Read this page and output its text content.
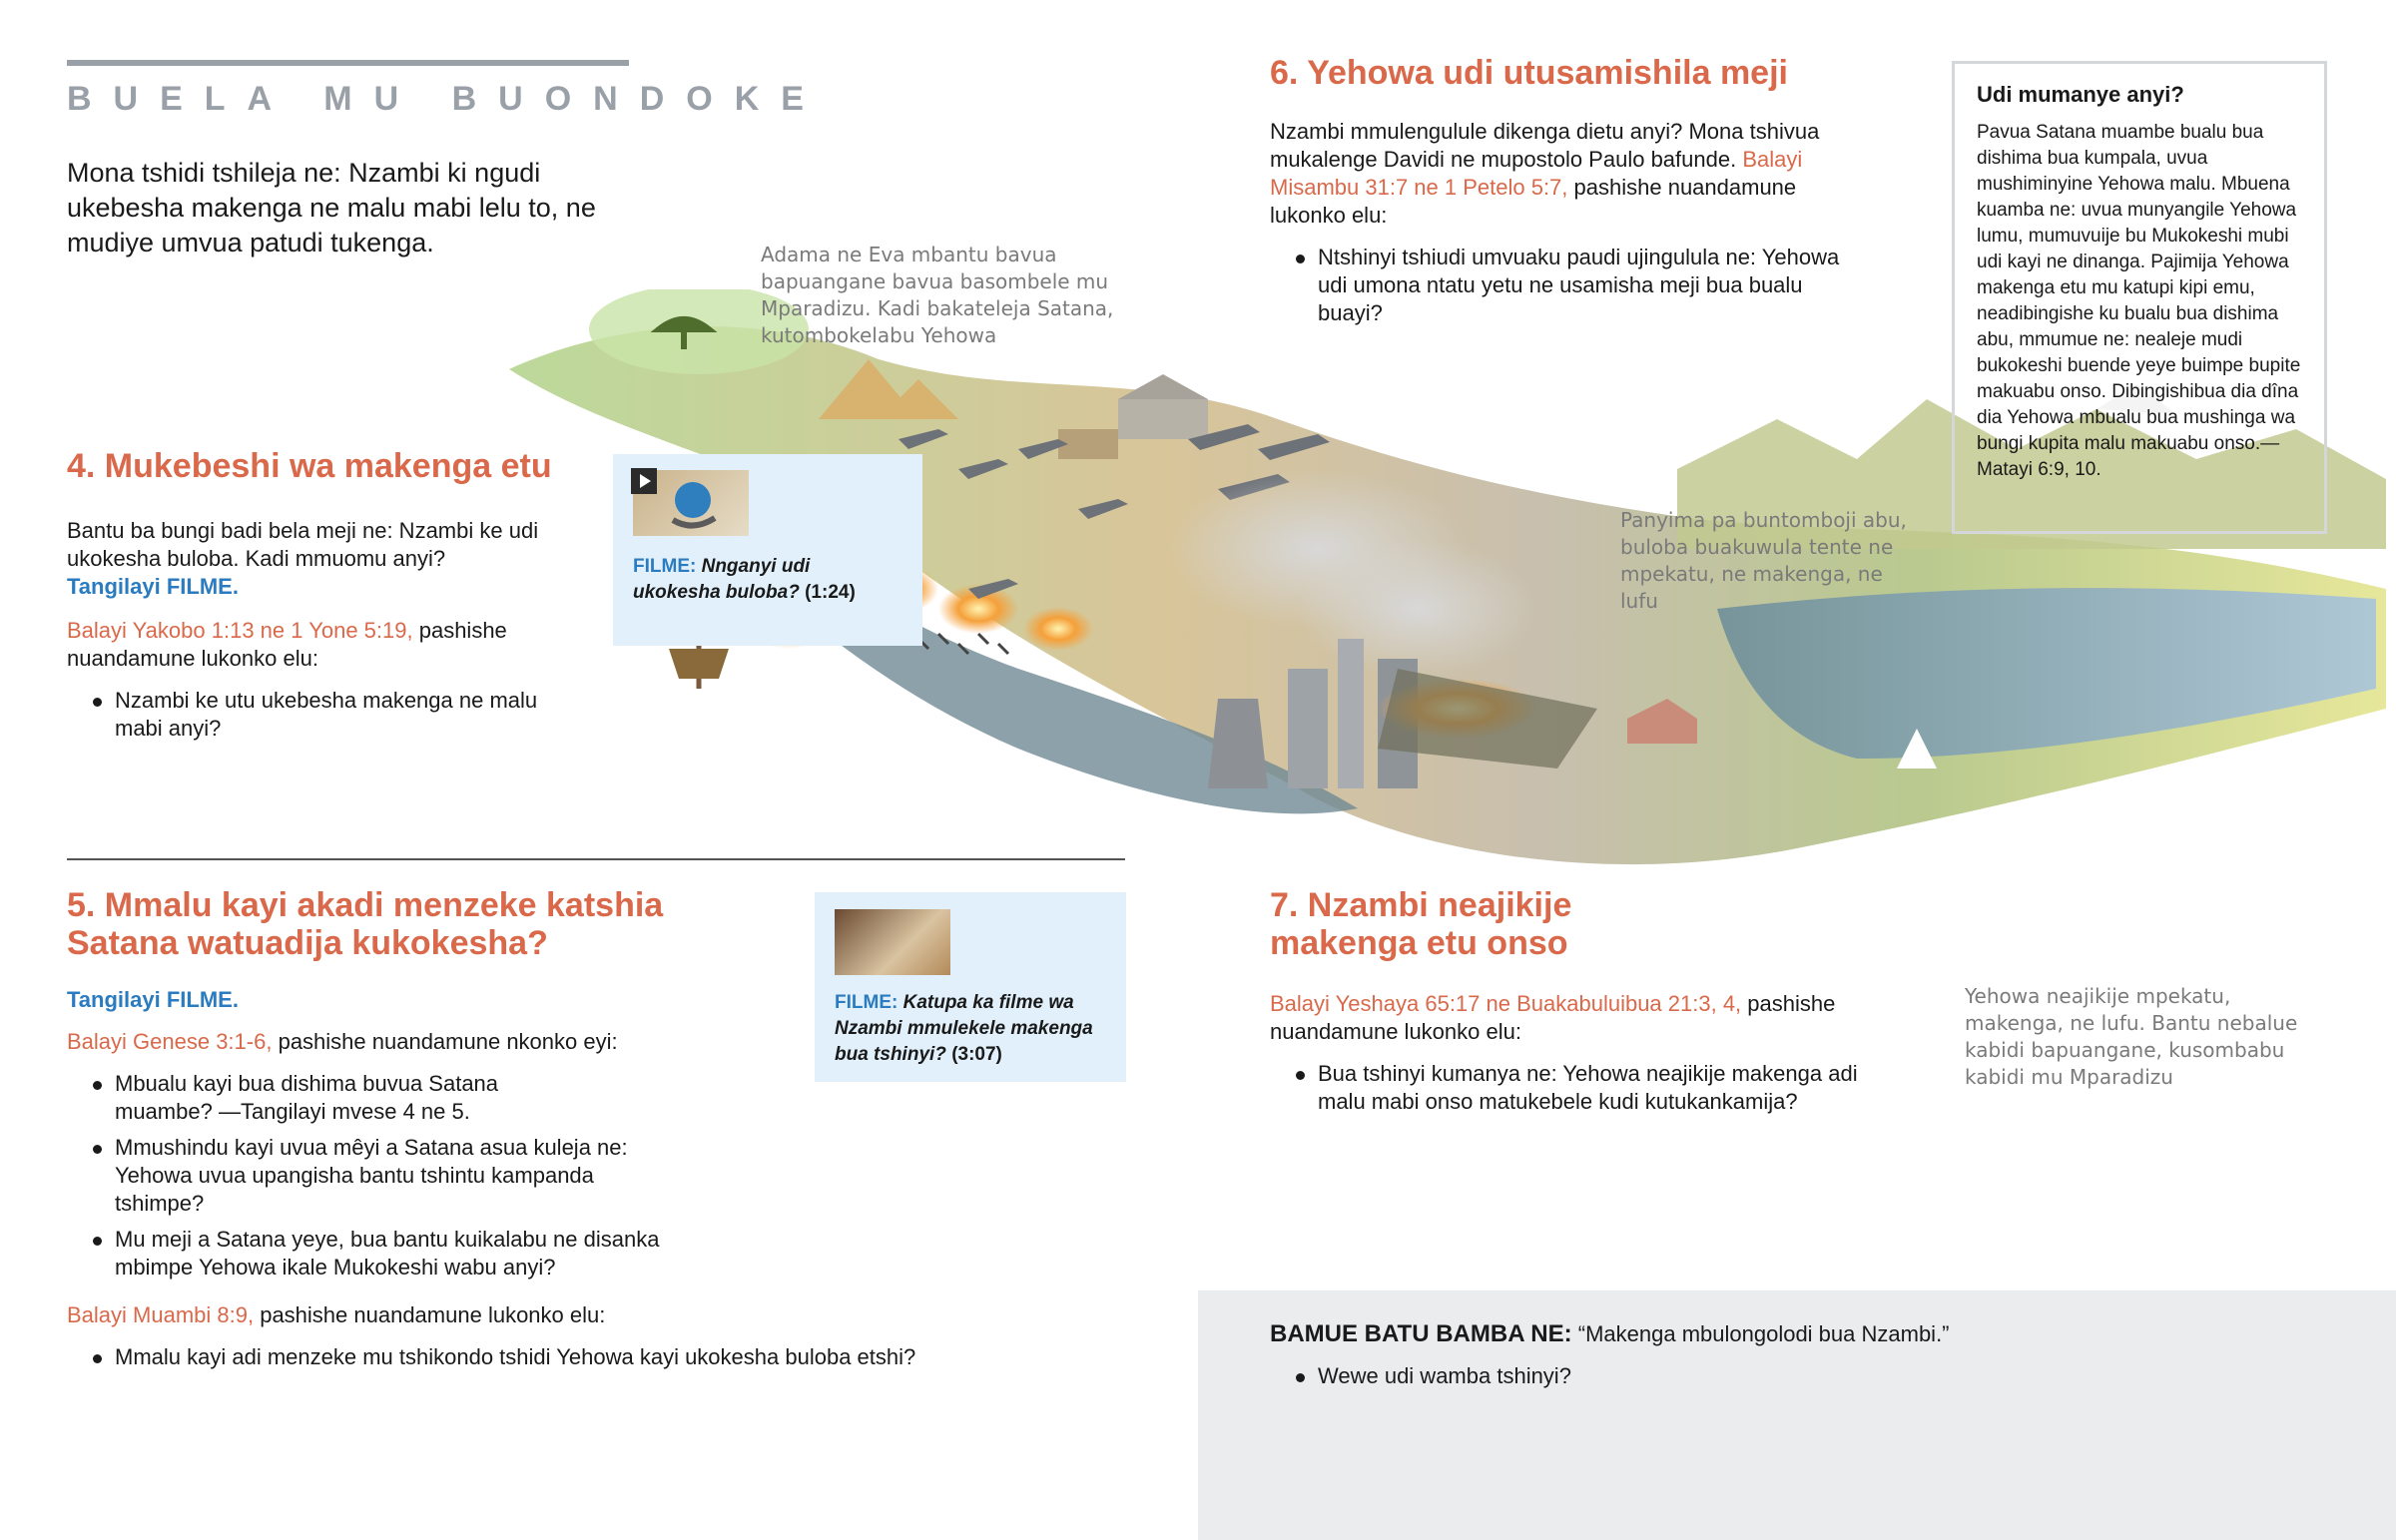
BUELA MU BUONDOKE
Mona tshidi tshileja ne: Nzambi ki ngudi ukebesha makenga ne malu mabi lelu to, ne mudiye umvua patudi tukenga.	Adama ne Eva mbantu bavua bapuangane bavua basombele mu Mparadizu. Kadi bakateleja Satana, kutombokelabu Yehowa
Panyima pa buntomboji abu, buloba buakuwula tente ne mpekatu, ne makenga, ne lufu
Yehowa neajikije mpekatu, makenga, ne lufu. Bantu nebalue kabidi bapuangane, kusombabu kabidi mu Mparadizu
4. Mukebeshi wa makenga etu
Bantu ba bungi badi bela meji ne: Nzambi ke udi ukokesha buloba. Kadi mmuomu anyi?
Tangilayi FILME.
Balayi Yakobo 1:13 ne 1 Yone 5:19, pashishe nuandamune lukonko elu:
Nzambi ke utu ukebesha makenga ne malu mabi anyi?
FILME: Nnganyi udi ukokesha buloba? (1:24)
5. Mmalu kayi akadi menzeke katshia Satana watuadija kukokesha?
Tangilayi FILME.
Balayi Genese 3:1-6, pashishe nuandamune nkonko eyi:
Mbualu kayi bua dishima buvua Satana muambe? —Tangilayi mvese 4 ne 5.
Mmushindu kayi uvua mêyi a Satana asua kuleja ne: Yehowa uvua upangisha bantu tshintu kampanda tshimpe?
Mu meji a Satana yeye, bua bantu kuikalabu ne disanka mbimpe Yehowa ikale Mukokeshi wabu anyi?
Balayi Muambi 8:9, pashishe nuandamune lukonko elu:
Mmalu kayi adi menzeke mu tshikondo tshidi Yehowa kayi ukokesha buloba etshi?
FILME: Katupa ka filme wa Nzambi mmulekele makenga bua tshinyi? (3:07)
6. Yehowa udi utusamishila meji
Nzambi mmulengulule dikenga dietu anyi? Mona tshivua mukalenge Davidi ne mupostolo Paulo bafunde. Balayi Misambu 31:7 ne 1 Petelo 5:7, pashishe nuandamune lukonko elu:
Ntshinyi tshiudi umvuaku paudi ujingulula ne: Yehowa udi umona ntatu yetu ne usamisha meji bua bualu buayi?
Udi mumanye anyi?
Pavua Satana muambe bualu bua dishima bua kumpala, uvua mushiminyine Yehowa malu. Mbuena kuamba ne: uvua munyangile Yehowa lumu, mumuvuije bu Mukokeshi mubi udi kayi ne dinanga. Pajimija Yehowa makenga etu mu katupi kipi emu, neadibingishe ku bualu bua dishima abu, mmumue ne: nealeje mudi bukokeshi buende yeye buimpe bupite makuabu onso. Dibingishibua dia dîna dia Yehowa mbualu bua mushinga wa bungi kupita malu makuabu onso.—Matayi 6:9, 10.
7. Nzambi neajikije makenga etu onso
Balayi Yeshaya 65:17 ne Buakabuluibua 21:3, 4, pashishe nuandamune lukonko elu:
Bua tshinyi kumanya ne: Yehowa neajikije makenga adi malu mabi onso matukebele kudi kutukankamija?
BAMUE BATU BAMBA NE: “Makenga mbulongolodi bua Nzambi.”
Wewe udi wamba tshinyi?
